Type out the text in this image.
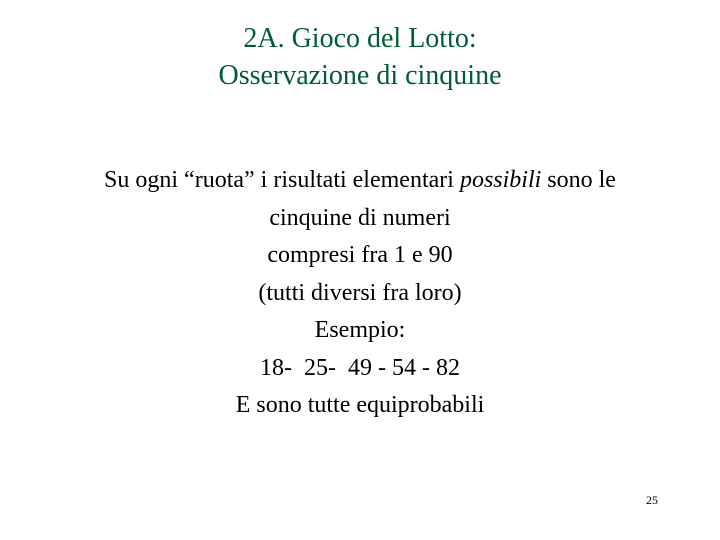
2A. Gioco del Lotto:
Osservazione di cinquine
Su ogni “ruota” i risultati elementari possibili sono le
cinquine di numeri
compresi fra 1 e 90
(tutti diversi fra loro)
Esempio:
18-  25-  49 - 54 - 82
E sono tutte equiprobabili
25
